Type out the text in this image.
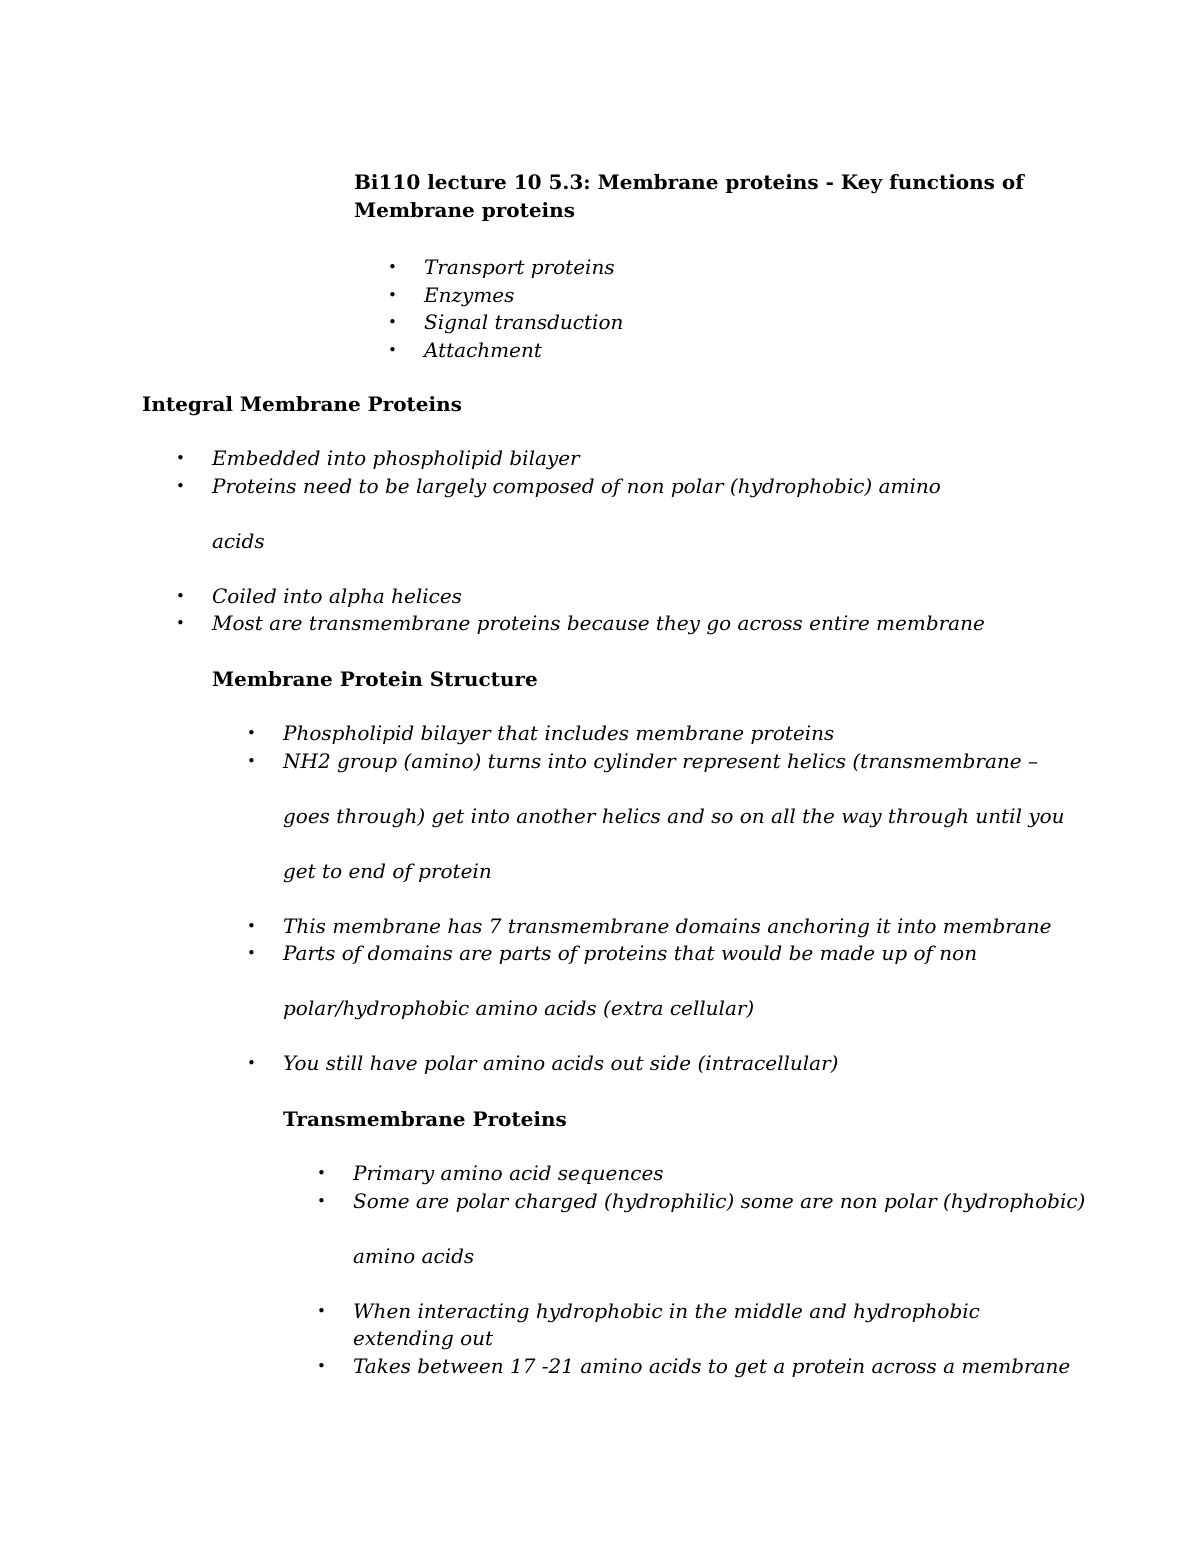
Bi110 lecture 10 5.3: Membrane proteins - Key functions of Membrane proteins
• Transport proteins
• Enzymes
• Signal transduction
• Attachment
Integral Membrane Proteins
• Embedded into phospholipid bilayer
• Proteins need to be largely composed of non polar (hydrophobic) amino
acids
• Coiled into alpha helices
• Most are transmembrane proteins because they go across entire membrane
Membrane Protein Structure
• Phospholipid bilayer that includes membrane proteins
• NH2 group (amino) turns into cylinder represent helics (transmembrane –
goes through) get into another helics and so on all the way through until you
get to end of protein
• This membrane has 7 transmembrane domains anchoring it into membrane
• Parts of domains are parts of proteins that would be made up of non
polar/hydrophobic amino acids (extra cellular)
• You still have polar amino acids out side (intracellular)
Transmembrane Proteins
• Primary amino acid sequences
• Some are polar charged (hydrophilic) some are non polar (hydrophobic)
amino acids
• When interacting hydrophobic in the middle and hydrophobic extending out
• Takes between 17 -21 amino acids to get a protein across a membrane
